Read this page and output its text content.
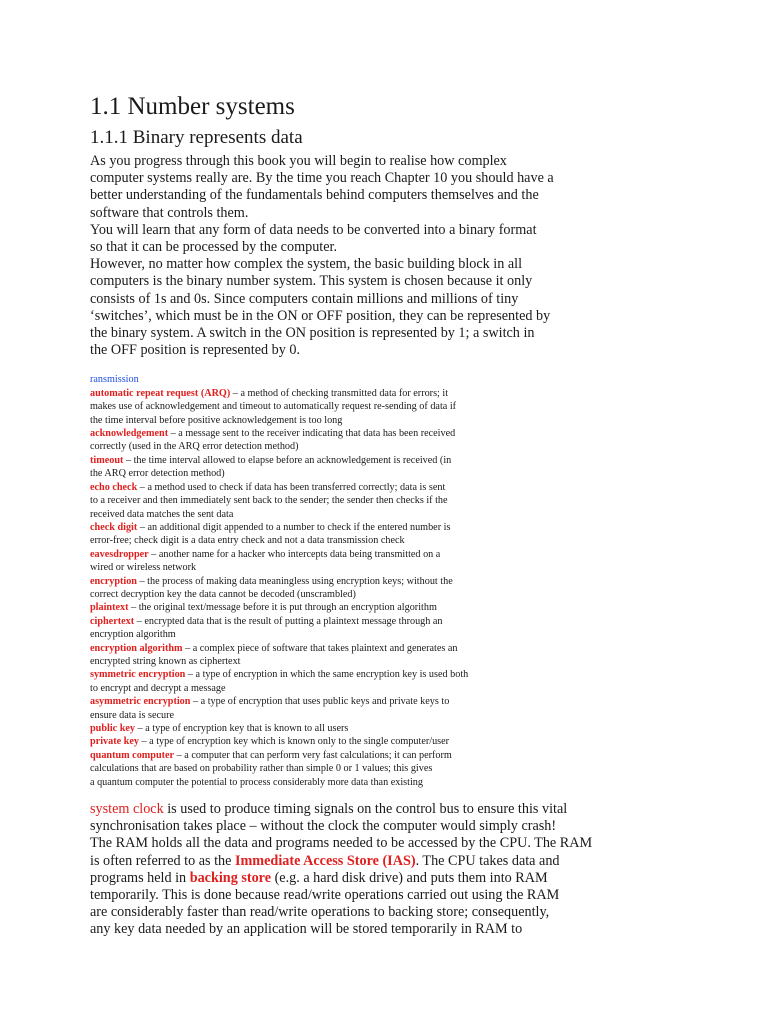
1.1 Number systems
1.1.1 Binary represents data
As you progress through this book you will begin to realise how complex
computer systems really are. By the time you reach Chapter 10 you should have a
better understanding of the fundamentals behind computers themselves and the
software that controls them.
You will learn that any form of data needs to be converted into a binary format
so that it can be processed by the computer.
However, no matter how complex the system, the basic building block in all
computers is the binary number system. This system is chosen because it only
consists of 1s and 0s. Since computers contain millions and millions of tiny
‘switches’, which must be in the ON or OFF position, they can be represented by
the binary system. A switch in the ON position is represented by 1; a switch in
the OFF position is represented by 0.
ransmission
automatic repeat request (ARQ) – a method of checking transmitted data for errors; it
makes use of acknowledgement and timeout to automatically request re-sending of data if
the time interval before positive acknowledgement is too long
acknowledgement – a message sent to the receiver indicating that data has been received
correctly (used in the ARQ error detection method)
timeout – the time interval allowed to elapse before an acknowledgement is received (in
the ARQ error detection method)
echo check – a method used to check if data has been transferred correctly; data is sent
to a receiver and then immediately sent back to the sender; the sender then checks if the
received data matches the sent data
check digit – an additional digit appended to a number to check if the entered number is
error-free; check digit is a data entry check and not a data transmission check
eavesdropper – another name for a hacker who intercepts data being transmitted on a
wired or wireless network
encryption – the process of making data meaningless using encryption keys; without the
correct decryption key the data cannot be decoded (unscrambled)
plaintext – the original text/message before it is put through an encryption algorithm
ciphertext – encrypted data that is the result of putting a plaintext message through an
encryption algorithm
encryption algorithm – a complex piece of software that takes plaintext and generates an
encrypted string known as ciphertext
symmetric encryption – a type of encryption in which the same encryption key is used both
to encrypt and decrypt a message
asymmetric encryption – a type of encryption that uses public keys and private keys to
ensure data is secure
public key – a type of encryption key that is known to all users
private key – a type of encryption key which is known only to the single computer/user
quantum computer – a computer that can perform very fast calculations; it can perform
calculations that are based on probability rather than simple 0 or 1 values; this gives
a quantum computer the potential to process considerably more data than existing
system clock is used to produce timing signals on the control bus to ensure this vital
synchronisation takes place – without the clock the computer would simply crash!
The RAM holds all the data and programs needed to be accessed by the CPU. The RAM
is often referred to as the Immediate Access Store (IAS). The CPU takes data and
programs held in backing store (e.g. a hard disk drive) and puts them into RAM
temporarily. This is done because read/write operations carried out using the RAM
are considerably faster than read/write operations to backing store; consequently,
any key data needed by an application will be stored temporarily in RAM to
